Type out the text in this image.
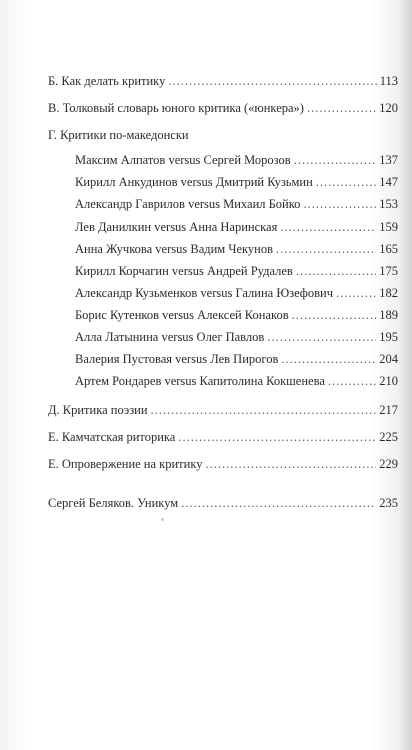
Б. Как делать критику .....	113
В. Толковый словарь юного критика («юнкера») .....	120
Г. Критики по-македонски
Максим Алпатов versus Сергей Морозов .....	137
Кирилл Анкудинов versus Дмитрий Кузьмин .....	147
Александр Гаврилов versus Михаил Бойко .....	153
Лев Данилкин versus Анна Наринская .....	159
Анна Жучкова versus Вадим Чекунов .....	165
Кирилл Корчагин versus Андрей Рудалев .....	175
Александр Кузьменков versus Галина Юзефович .....	182
Борис Кутенков versus Алексей Конаков .....	189
Алла Латынина versus Олег Павлов .....	195
Валерия Пустовая versus Лев Пирогов .....	204
Артем Рондарев versus Капитолина Кокшенева .....	210
Д. Критика поэзии .....	217
Е. Камчатская риторика .....	225
Е. Опровержение на критику .....	229
Сергей Беляков. Уникум .....	235
